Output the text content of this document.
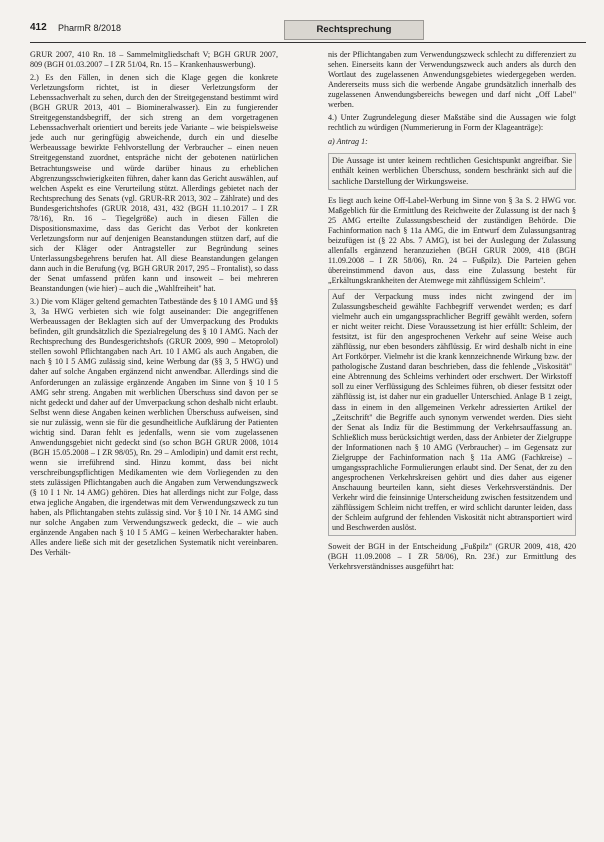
412 PharmR 8/2018	Rechtsprechung

GRUR 2007, 410 Rn. 18 – Sammelmitgliedschaft V; BGH GRUR 2007, 809 (BGH 01.03.2007 – I ZR 51/04, Rn. 15 – Krankenhauswerbung).

2.) Es den Fällen, in denen sich die Klage gegen die konkrete Verletzungsform richtet, ist in dieser Verletzungsform der Lebenssachverhalt zu sehen, durch den der Streitgegenstand bestimmt wird (BGH GRUR 2013, 401 – Biomineralwasser). Ein zu fungierender Streitgegenstandsbegriff, der sich streng an dem vorgetragenen Lebenssachverhalt orientiert und bereits jede Variante – wie beispielsweise jede auch nur geringfügig abweichende, durch ein und dieselbe Werbeaussage bewirkte Fehlvorstellung der Verbraucher – einen neuen Streitgegenstand zuordnet, entspräche nicht der gebotenen natürlichen Betrachtungsweise und würde darüber hinaus zu erheblichen Abgrenzungsschwierigkeiten führen, daher kann das Gericht auswählen, auf welchen Aspekt es eine Verurteilung stützt. Allerdings gebietet nach der Rechtsprechung des Senats (vgl. GRUR-RR 2013, 302 – Zählrate) und des Bundesgerichtshofes (GRUR 2018, 431, 432 (BGH 11.10.2017 – I ZR 78/16), Rn. 16 – Tiegelgröße) auch in diesen Fällen die Dispositionsmaxime, dass das Gericht das Verbot der konkreten Verletzungsform nur auf denjenigen Beanstandungen stützen darf, auf die sich der Kläger oder Antragsteller zur Begründung seines Unterlassungsbegehrens berufen hat. All diese Beanstandungen gelangen dann auch in die Berufung (vg. BGH GRUR 2017, 295 – Frontalist), so dass der Senat umfassend prüfen kann und insoweit – bei mehreren Beanstandungen (wie hier) – auch die „Wahlfreiheit" hat.

3.) Die vom Kläger geltend gemachten Tatbestände des § 10 I AMG und §§ 3, 3a HWG verbieten sich wie folgt auseinander: Die angegriffenen Werbeaussagen der Beklagten sich auf der Umverpackung des Produkts befinden, gilt grundsätzlich die Spezialregelung des § 10 I AMG. Nach der Rechtsprechung des Bundesgerichtshofs (GRUR 2009, 990 – Metoprolol) stellen sowohl Pflichtangaben nach Art. 10 I AMG als auch Angaben, die nach § 10 I 5 AMG zulässig sind, keine Werbung dar (§§ 3, 5 HWG) und daher auf solche Angaben ergänzend nicht anwendbar. Allerdings sind die Anforderungen an zulässige ergänzende Angaben im Sinne von § 10 I 5 AMG sehr streng. Angaben mit werblichen Überschuss sind davon per se nicht gedeckt und daher auf der Umverpackung schon deshalb nicht erlaubt. Selbst wenn diese Angaben keinen werblichen Überschuss aufweisen, sind sie nur zulässig, wenn sie für die gesundheitliche Aufklärung der Patienten wichtig sind. Daran fehlt es jedenfalls, wenn sie vom zugelassenen Anwendungsgebiet nicht gedeckt sind (so schon BGH GRUR 2008, 1014 (BGH 15.05.2008 – I ZR 98/05), Rn. 29 – Amlodipin) und damit erst recht, wenn sie irreführend sind. Hinzu kommt, dass bei nicht verschreibungspflichtigen Medikamenten wie dem Vorliegenden zu den stets zulässigen Pflichtangaben auch die Angaben zum Verwendungszweck (§ 10 I 1 Nr. 14 AMG) gehören. Dies hat allerdings nicht zur Folge, dass etwa jegliche Angaben, die irgendetwas mit dem Verwendungszweck zu tun haben, als Pflichtangaben stehts zulässig sind. Vor § 10 I Nr. 14 AMG sind nur solche Angaben zum Verwendungszweck gedeckt, die – wie auch ergänzende Angaben nach § 10 I 5 AMG – keinen Werbecharakter haben. Alles andere ließe sich mit der gesetzlichen Systematik nicht vereinbaren. Des Verhält-

nis der Pflichtangaben zum Verwendungszweck schlecht zu differenziert zu sehen. Einerseits kann der Verwendungszweck auch anders als durch den Wortlaut des zugelassenen Anwendungsgebietes wiedergegeben werden. Andererseits muss sich die werbende Angabe grundsätzlich innerhalb des zugelassenen Anwendungsbereichs bewegen und darf nicht „Off Label" werben.

4.) Unter Zugrundelegung dieser Maßstäbe sind die Aussagen wie folgt rechtlich zu würdigen (Nummerierung in Form der Klageanträge):

a) Antrag 1:

Die Aussage ist unter keinem rechtlichen Gesichtspunkt angreifbar. Sie enthält keinen werblichen Überschuss, sondern beschränkt sich auf die sachliche Darstellung der Wirkungsweise.

Es liegt auch keine Off-Label-Werbung im Sinne von § 3a S. 2 HWG vor. Maßgeblich für die Ermittlung des Reichweite der Zulassung ist der nach § 25 AMG erteilte Zulassungsbescheid der zuständigen Behörde. Die Fachinformation nach § 11a AMG, die im Entwurf dem Zulassungsantrag beizufügen ist (§ 22 Abs. 7 AMG), ist bei der Auslegung der Zulassung allenfalls ergänzend heranzuziehen (BGH GRUR 2009, 418 (BGH 11.09.2008 – I ZR 58/06), Rn. 24 – Fußpilz). Die Parteien gehen übereinstimmend davon aus, dass eine Zulassung besteht für „Erkältungskrankheiten der Atemwege mit zähflüssigem Schleim".

Auf der Verpackung muss indes nicht zwingend der im Zulassungsbescheid gewählte Fachbegriff verwendet werden; es darf vielmehr auch ein umgangssprachlicher Begriff gewählt werden, sofern er nicht weiter reicht. Diese Voraussetzung ist hier erfüllt: Schleim, der festsitzt, ist für den angesprochenen Verkehr auf seine Weise auch zähflüssig, nur eben besonders zähflüssig. Er wird deshalb nicht in eine Art Fortkörper. Vielmehr ist die krank kennzeichnende Wirkung bzw. der pathologische Zustand daran beschrieben, dass die fehlende „Viskosität" eine Abtrennung des Schleims verhindert oder erschwert. Der Wirkstoff soll zu einer Verflüssigung des Schleimes führen, ob dieser festsitzt oder zähflüssig ist, ist daher nur ein gradueller Unterschied. Anlage B 1 zeigt, dass in einem in den allgemeinen Verkehr adressierten Artikel der „Zeitschrift" die Begriffe auch synonym verwendet werden. Dies sieht der Senat als Indiz für die Bestimmung der Verkehrsauffassung an. Schließlich muss berücksichtigt werden, dass der Anbieter der Zielgruppe der Informationen nach § 10 AMG (Verbraucher) – im Gegensatz zur Zielgruppe der Fachinformation nach § 11a AMG (Fachkreise) – umgangssprachliche Formulierungen erlaubt sind. Der Senat, der zu den angesprochenen Verkehrskreisen gehört und dies daher aus eigener Anschauung beurteilen kann, sieht dieses Verkehrsverständnis. Der Verkehr wird die feinsinnige Unterscheidung zwischen festsitzendem und zähflüssigem Schleim nicht treffen, er wird schlicht darunter leiden, dass der Schleim aufgrund der fehlenden Viskosität nicht abtransportiert wird und Beschwerden auslöst.

Soweit der BGH in der Entscheidung „Fußpilz" (GRUR 2009, 418, 420 (BGH 11.09.2008 – I ZR 58/06), Rn. 23f.) zur Ermittlung des Verkehrsverständnisses ausgeführt hat:
